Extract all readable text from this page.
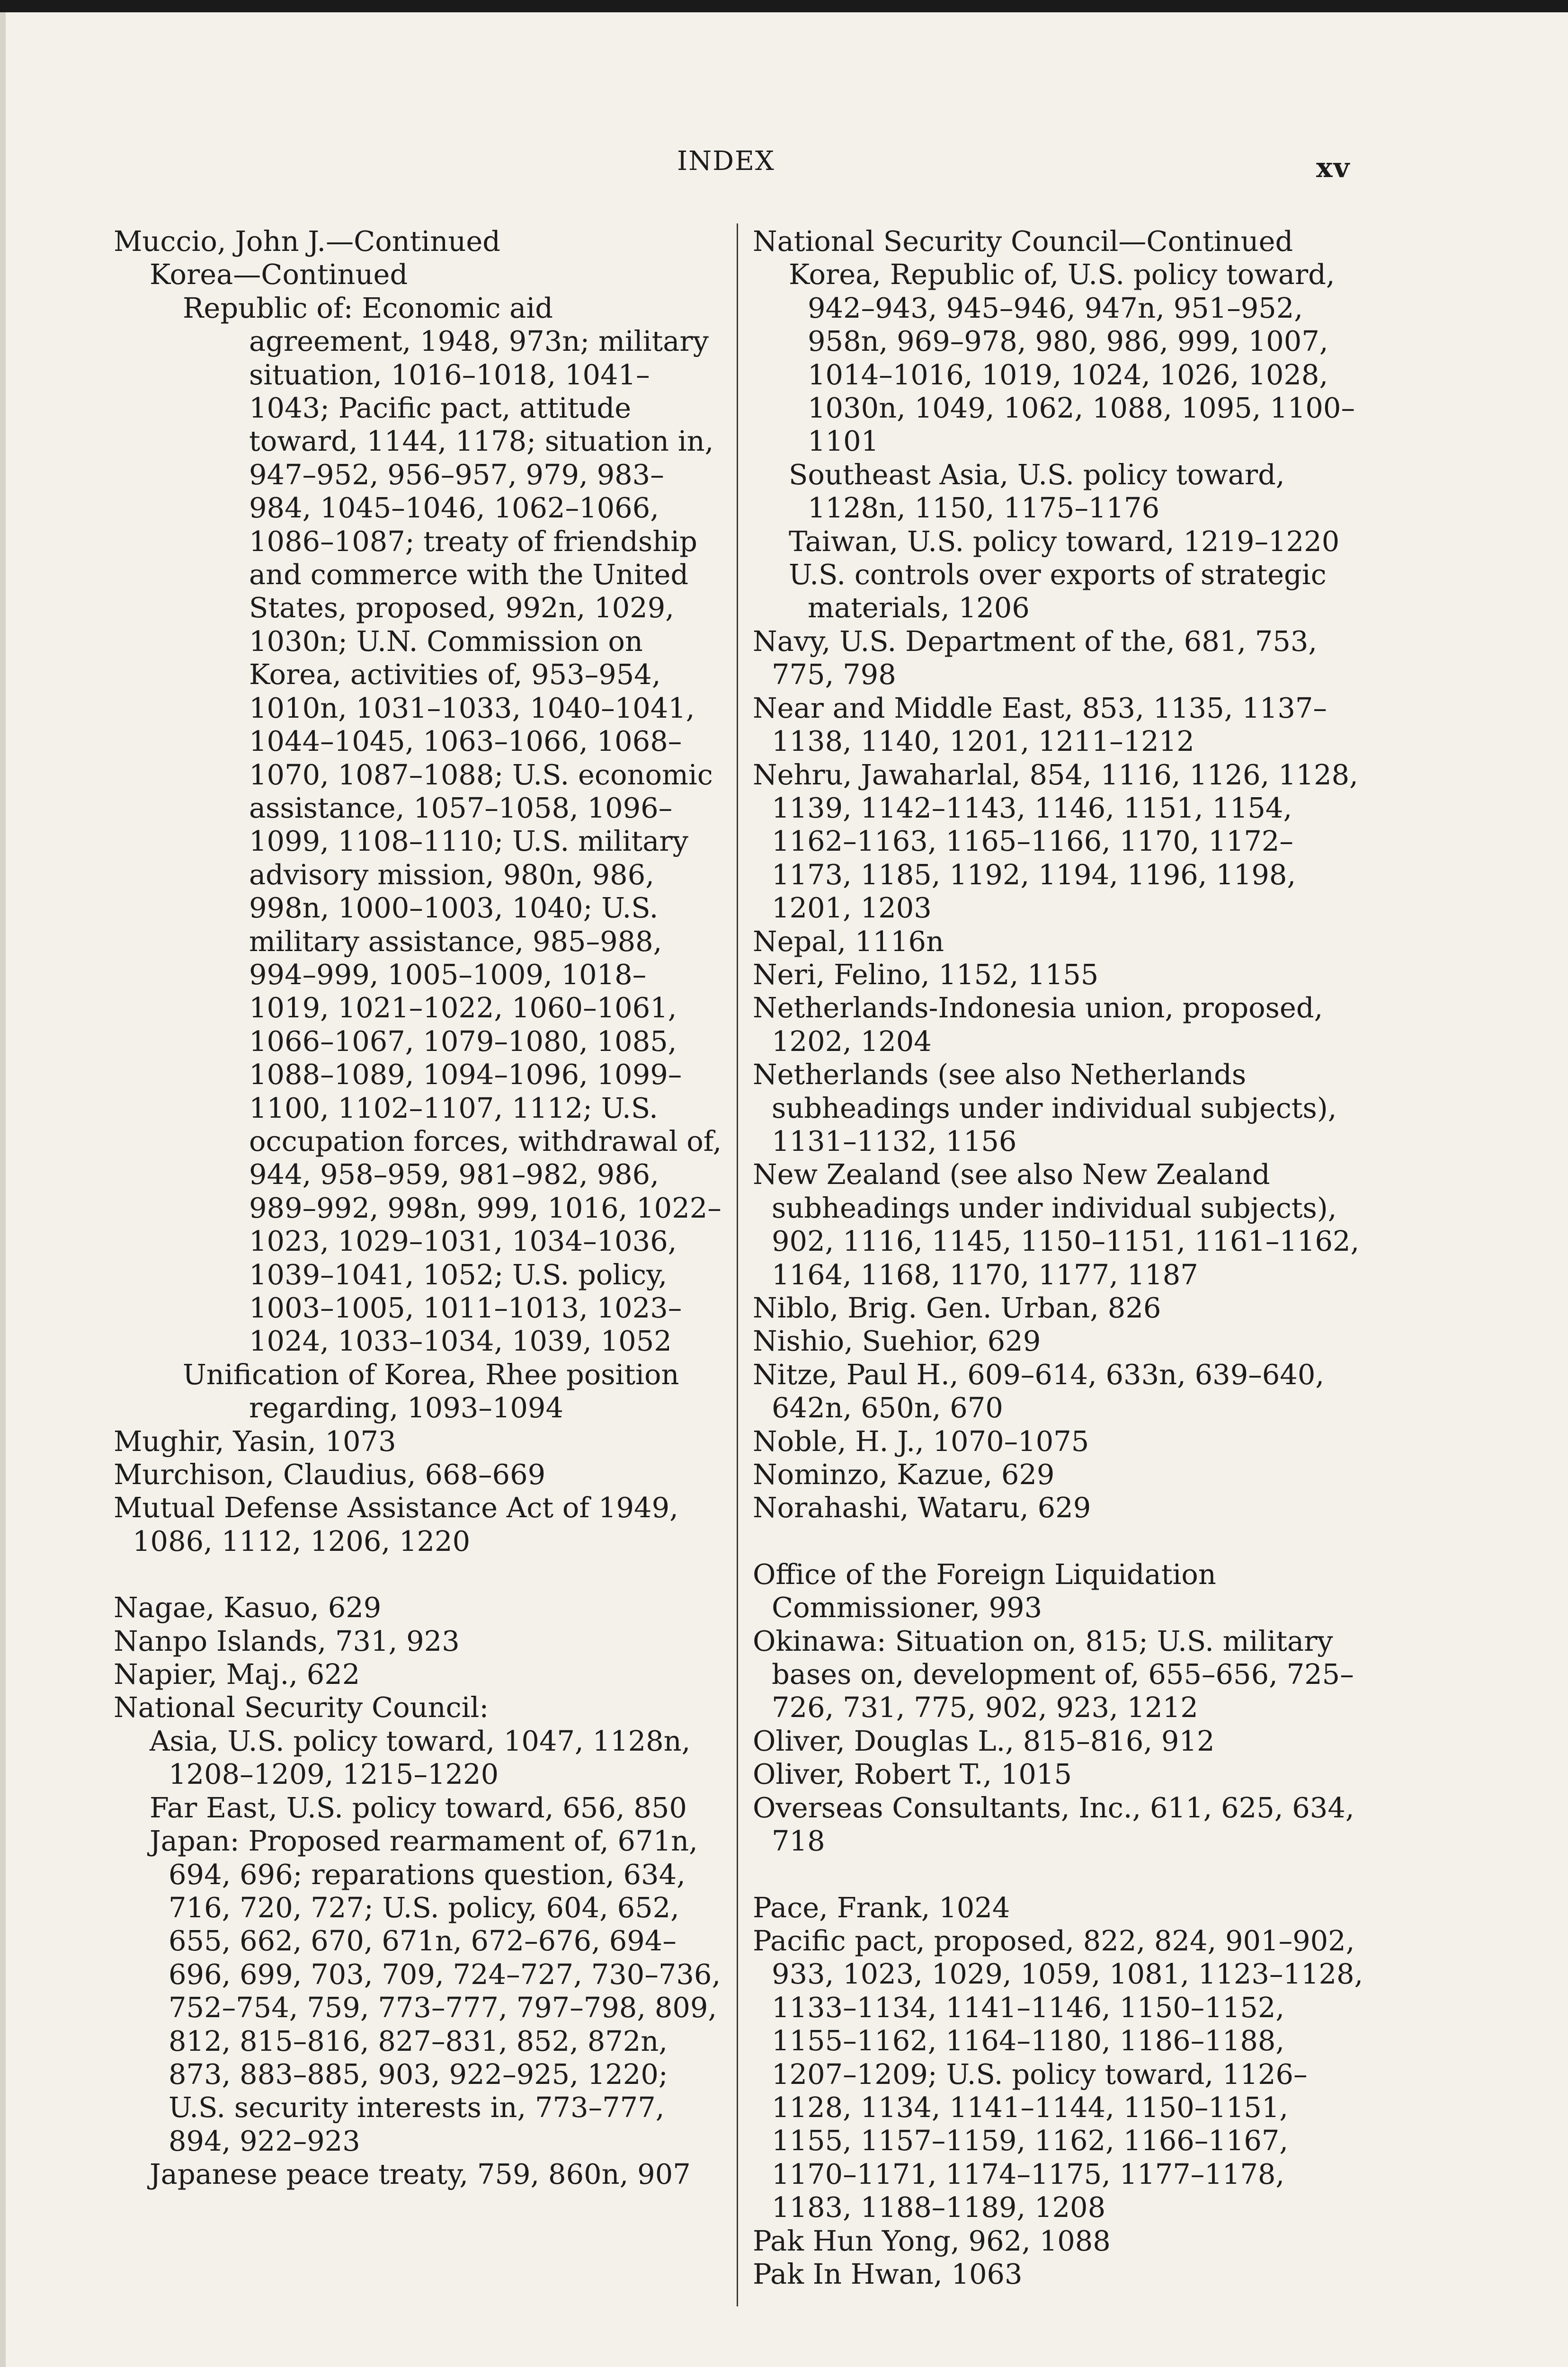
INDEX	xv
Muccio, John J.—Continued
Korea—Continued
Republic of: Economic aid agreement, 1948, 973n; military situation, 1016–1018, 1041–1043; Pacific pact, attitude toward, 1144, 1178; situation in, 947–952, 956–957, 979, 983–984, 1045–1046, 1062–1066, 1086–1087; treaty of friendship and commerce with the United States, proposed, 992n, 1029, 1030n; U.N. Commission on Korea, activities of, 953–954, 1010n, 1031–1033, 1040–1041, 1044–1045, 1063–1066, 1068–1070, 1087–1088; U.S. economic assistance, 1057–1058, 1096–1099, 1108–1110; U.S. military advisory mission, 980n, 986, 998n, 1000–1003, 1040; U.S. military assistance, 985–988, 994–999, 1005–1009, 1018–1019, 1021–1022, 1060–1061, 1066–1067, 1079–1080, 1085, 1088–1089, 1094–1096, 1099–1100, 1102–1107, 1112; U.S. occupation forces, withdrawal of, 944, 958–959, 981–982, 986, 989–992, 998n, 999, 1016, 1022–1023, 1029–1031, 1034–1036, 1039–1041, 1052; U.S. policy, 1003–1005, 1011–1013, 1023–1024, 1033–1034, 1039, 1052
Unification of Korea, Rhee position regarding, 1093–1094
Mughir, Yasin, 1073
Murchison, Claudius, 668–669
Mutual Defense Assistance Act of 1949, 1086, 1112, 1206, 1220
Nagae, Kasuo, 629
Nanpo Islands, 731, 923
Napier, Maj., 622
National Security Council:
Asia, U.S. policy toward, 1047, 1128n, 1208–1209, 1215–1220
Far East, U.S. policy toward, 656, 850
Japan: Proposed rearmament of, 671n, 694, 696; reparations question, 634, 716, 720, 727; U.S. policy, 604, 652, 655, 662, 670, 671n, 672–676, 694–696, 699, 703, 709, 724–727, 730–736, 752–754, 759, 773–777, 797–798, 809, 812, 815–816, 827–831, 852, 872n, 873, 883–885, 903, 922–925, 1220; U.S. security interests in, 773–777, 894, 922–923
Japanese peace treaty, 759, 860n, 907
National Security Council—Continued
Korea, Republic of, U.S. policy toward, 942–943, 945–946, 947n, 951–952, 958n, 969–978, 980, 986, 999, 1007, 1014–1016, 1019, 1024, 1026, 1028, 1030n, 1049, 1062, 1088, 1095, 1100–1101
Southeast Asia, U.S. policy toward, 1128n, 1150, 1175–1176
Taiwan, U.S. policy toward, 1219–1220
U.S. controls over exports of strategic materials, 1206
Navy, U.S. Department of the, 681, 753, 775, 798
Near and Middle East, 853, 1135, 1137–1138, 1140, 1201, 1211–1212
Nehru, Jawaharlal, 854, 1116, 1126, 1128, 1139, 1142–1143, 1146, 1151, 1154, 1162–1163, 1165–1166, 1170, 1172–1173, 1185, 1192, 1194, 1196, 1198, 1201, 1203
Nepal, 1116n
Neri, Felino, 1152, 1155
Netherlands-Indonesia union, proposed, 1202, 1204
Netherlands (see also Netherlands subheadings under individual subjects), 1131–1132, 1156
New Zealand (see also New Zealand subheadings under individual subjects), 902, 1116, 1145, 1150–1151, 1161–1162, 1164, 1168, 1170, 1177, 1187
Niblo, Brig. Gen. Urban, 826
Nishio, Suehior, 629
Nitze, Paul H., 609–614, 633n, 639–640, 642n, 650n, 670
Noble, H. J., 1070–1075
Nominzo, Kazue, 629
Norahashi, Wataru, 629
Office of the Foreign Liquidation Commissioner, 993
Okinawa: Situation on, 815; U.S. military bases on, development of, 655–656, 725–726, 731, 775, 902, 923, 1212
Oliver, Douglas L., 815–816, 912
Oliver, Robert T., 1015
Overseas Consultants, Inc., 611, 625, 634, 718
Pace, Frank, 1024
Pacific pact, proposed, 822, 824, 901–902, 933, 1023, 1029, 1059, 1081, 1123–1128, 1133–1134, 1141–1146, 1150–1152, 1155–1162, 1164–1180, 1186–1188, 1207–1209; U.S. policy toward, 1126–1128, 1134, 1141–1144, 1150–1151, 1155, 1157–1159, 1162, 1166–1167, 1170–1171, 1174–1175, 1177–1178, 1183, 1188–1189, 1208
Pak Hun Yong, 962, 1088
Pak In Hwan, 1063
